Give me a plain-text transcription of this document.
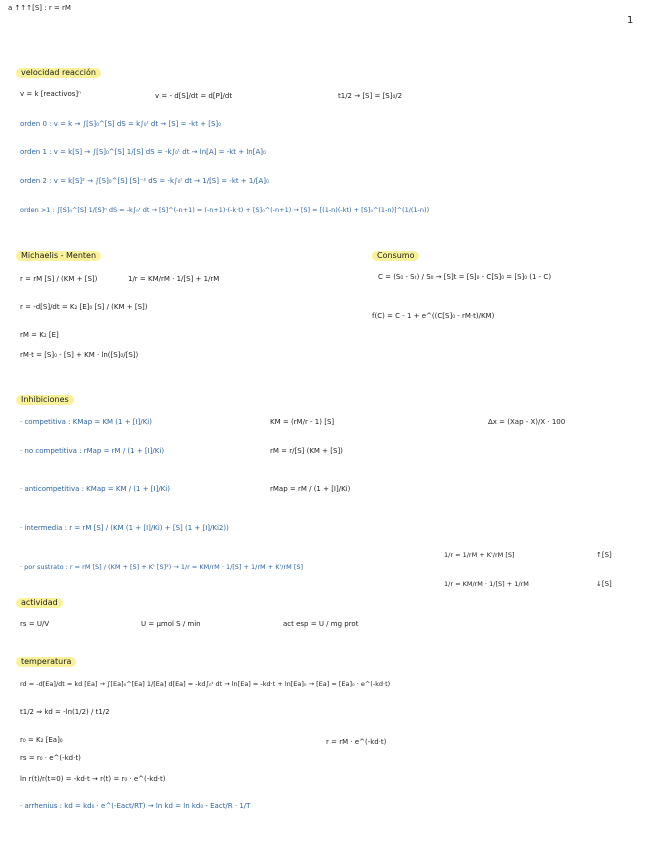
a ↑↑↑[S] : r = rM
1
velocidad reacción
v = k [reactivos]ⁿ	v = - d[S]/dt = d[P]/dt	t1/2 → [S] = [S]₀/2
orden 0 : v = k → ∫[S]₀^[S] dS = k∫₀ᵗ dt → [S] = -kt + [S]₀
orden 1 : v = k[S] → ∫[S]₀^[S] 1/[S] dS = -k∫₀ᵗ dt → ln[A] = -kt + ln[A]₀
orden 2 : v = k[S]² → ∫[S]₀^[S] [S]⁻² dS = -k∫₀ᵗ dt → 1/[S] = -kt + 1/[A]₀
orden >1 : ∫[S]₀^[S] 1/[S]ⁿ dS = -k∫₀ᵗ dt → [S]^(-n+1) = (-n+1)·(-k·t) + [S]₀^(-n+1) → [S] = [(1-n)(-kt) + [S]₀^(1-n)]^(1/(1-n))
Michaelis - Menten
r = rM [S] / (KM + [S])	1/r = KM/rM · 1/[S] + 1/rM
r = -d[S]/dt = K₂ [E]₀ [S] / (KM + [S])
rM = K₂ [E]
rM·t = [S]₀ - [S] + KM · ln([S]₀/[S])
Consumo
C = (S₀ - Sₜ) / S₀ → [S]t = [S]₀ - C[S]₀ = [S]₀ (1 - C)
f(C) = C - 1 + e^((C[S]₀ - rM·t)/KM)
Inhibiciones
· competitiva : KMap = KM (1 + [I]/Ki)	KM = (rM/r - 1) [S]	Δx = (Xap - X)/X · 100
· no competitiva : rMap = rM / (1 + [I]/Ki)	rM = r/[S] (KM + [S])
· anticompetitiva : KMap = KM / (1 + [I]/Ki)	rMap = rM / (1 + [I]/Ki)
· intermedia : r = rM [S] / (KM (1 + [I]/Ki) + [S] (1 + [I]/Ki2))
· por sustrato : r = rM [S] / (KM + [S] + K' [S]²) → 1/r = KM/rM · 1/[S] + 1/rM + K'/rM [S]
1/r = 1/rM + K'/rM [S]	↑[S]
1/r = KM/rM · 1/[S] + 1/rM	↓[S]
actividad
rs = U/V	U = μmol S / min	act esp = U / mg prot
temperatura
rd = -d[Ea]/dt = kd [Ea] → ∫[Ea]₀^[Ea] 1/[Ea] d[Ea] = -kd∫₀ᵗ dt → ln[Ea] = -kd·t + ln[Ea]₀ → [Ea] = [Ea]₀ · e^(-kd·t)
t1/2 ⇒ kd = -ln(1/2) / t1/2
r₀ = K₂ [Ea]₀	r = rM · e^(-kd·t)
rs = r₀ · e^(-kd·t)
ln r(t)/r(t=0) = -kd·t → r(t) = r₀ · e^(-kd·t)
· arrhenius : kd = kd₀ · e^(-Eact/RT) → ln kd = ln kd₀ - Eact/R · 1/T
